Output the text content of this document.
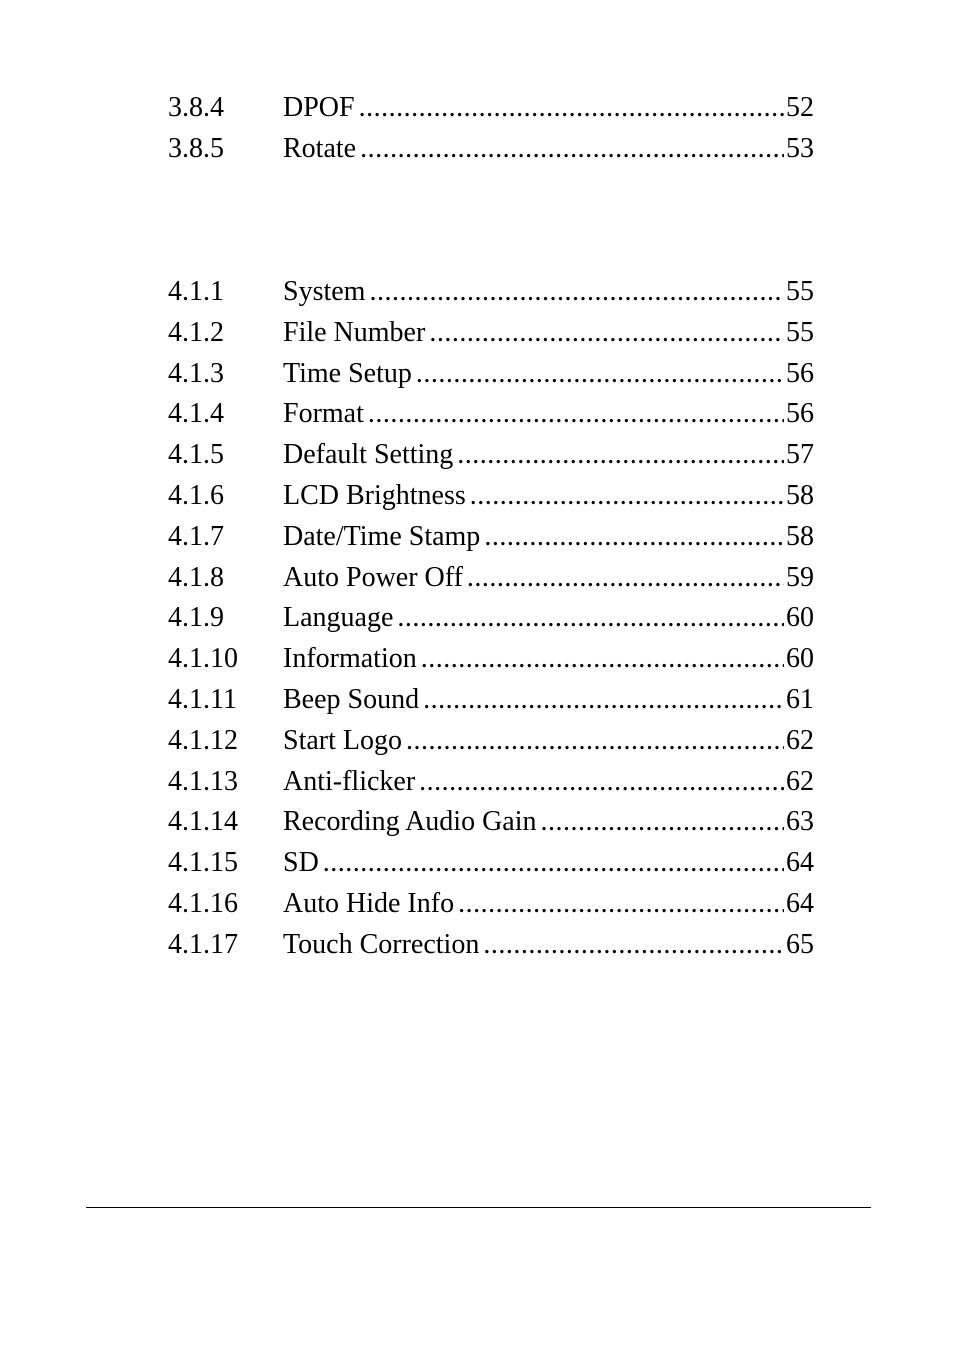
3.8.4	DPOF .....	52
3.8.5	Rotate .....	53
4.1.1	System .....	55
4.1.2	File Number .....	55
4.1.3	Time Setup .....	56
4.1.4	Format .....	56
4.1.5	Default Setting .....	57
4.1.6	LCD Brightness .....	58
4.1.7	Date/Time Stamp .....	58
4.1.8	Auto Power Off .....	59
4.1.9	Language .....	60
4.1.10	Information .....	60
4.1.11	Beep Sound .....	61
4.1.12	Start Logo .....	62
4.1.13	Anti-flicker .....	62
4.1.14	Recording Audio Gain .....	63
4.1.15	SD .....	64
4.1.16	Auto Hide Info .....	64
4.1.17	Touch Correction .....	65
